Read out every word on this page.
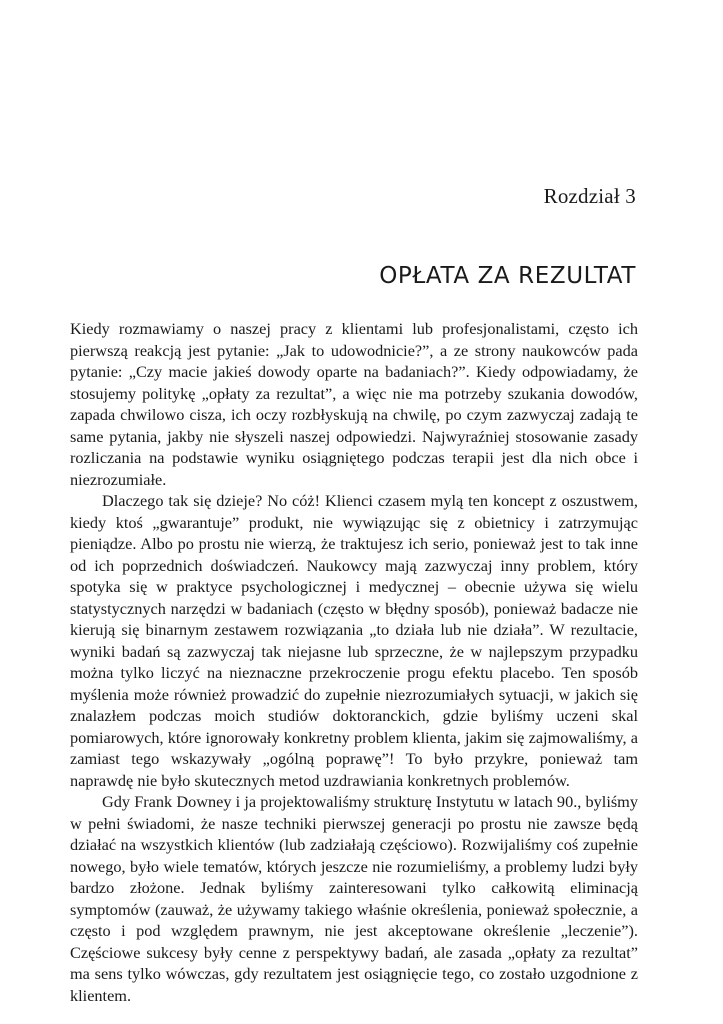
Rozdział 3
OPŁATA ZA REZULTAT

Kiedy rozmawiamy o naszej pracy z klientami lub profesjonalistami, często ich pierwszą reakcją jest pytanie: „Jak to udowodnicie?”, a ze strony naukowców pada pytanie: „Czy macie jakieś dowody oparte na badaniach?”. Kiedy odpowiadamy, że stosujemy politykę „opłaty za rezultat”, a więc nie ma potrzeby szukania dowodów, zapada chwilowo cisza, ich oczy rozbłyskują na chwilę, po czym zazwyczaj zadają te same pytania, jakby nie słyszeli naszej odpowiedzi. Najwyraźniej stosowanie zasady rozliczania na podstawie wyniku osiągniętego podczas terapii jest dla nich obce i niezrozumiałe.

Dlaczego tak się dzieje? No cóż! Klienci czasem mylą ten koncept z oszustwem, kiedy ktoś „gwarantuje” produkt, nie wywiązując się z obietnicy i zatrzymując pieniądze. Albo po prostu nie wierzą, że traktujesz ich serio, ponieważ jest to tak inne od ich poprzednich doświadczeń. Naukowcy mają zazwyczaj inny problem, który spotyka się w praktyce psychologicznej i medycznej – obecnie używa się wielu statystycznych narzędzi w badaniach (często w błędny sposób), ponieważ badacze nie kierują się binarnym zestawem rozwiązania „to działa lub nie działa”. W rezultacie, wyniki badań są zazwyczaj tak niejasne lub sprzeczne, że w najlepszym przypadku można tylko liczyć na nieznaczne przekroczenie progu efektu placebo. Ten sposób myślenia może również prowadzić do zupełnie niezrozumiałych sytuacji, w jakich się znalazłem podczas moich studiów doktoranckich, gdzie byliśmy uczeni skal pomiarowych, które ignorowały konkretny problem klienta, jakim się zajmowaliśmy, a zamiast tego wskazywały „ogólną poprawę”! To było przykre, ponieważ tam naprawdę nie było skutecznych metod uzdrawiania konkretnych problemów.

Gdy Frank Downey i ja projektowaliśmy strukturę Instytutu w latach 90., byliśmy w pełni świadomi, że nasze techniki pierwszej generacji po prostu nie zawsze będą działać na wszystkich klientów (lub zadziałają częściowo). Rozwijaliśmy coś zupełnie nowego, było wiele tematów, których jeszcze nie rozumieliśmy, a problemy ludzi były bardzo złożone. Jednak byliśmy zainteresowani tylko całkowitą eliminacją symptomów (zauważ, że używamy takiego właśnie określenia, ponieważ społecznie, a często i pod względem prawnym, nie jest akceptowane określenie „leczenie”). Częściowe sukcesy były cenne z perspektywy badań, ale zasada „opłaty za rezultat” ma sens tylko wówczas, gdy rezultatem jest osiągnięcie tego, co zostało uzgodnione z klientem.
